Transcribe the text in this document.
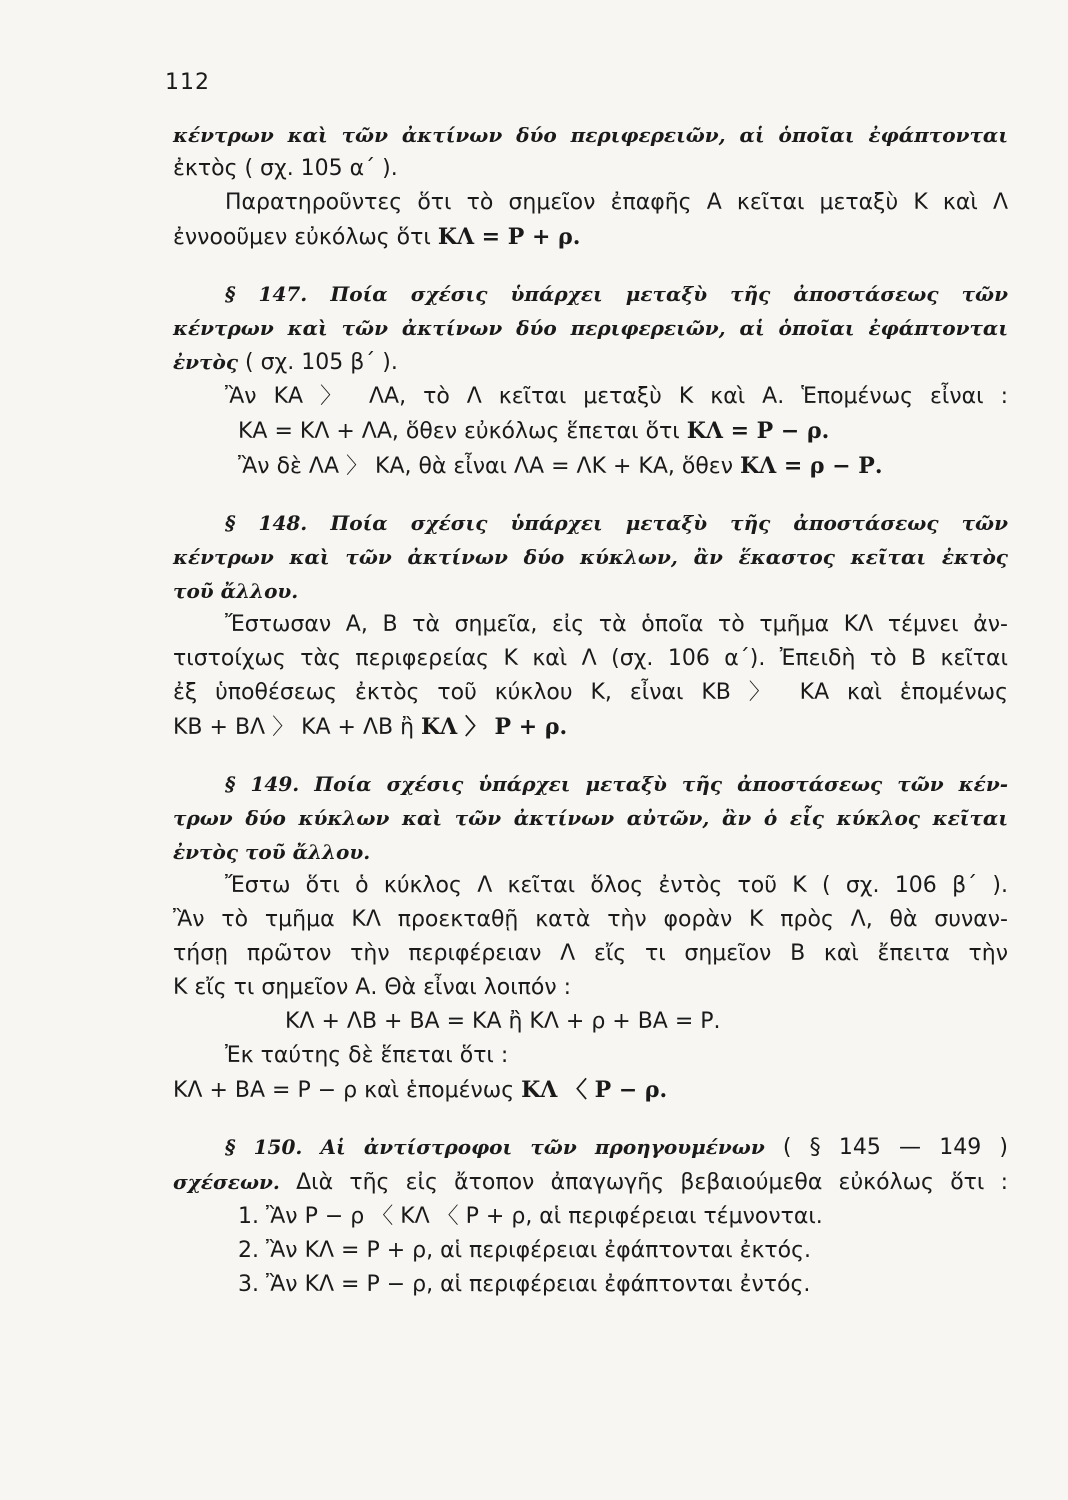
112
κέντρων καὶ τῶν ἀκτίνων δύο περιφερειῶν, αἱ ὁποῖαι ἐφάπτονται
ἐκτὸς ( σχ. 105 α΄ ).
Παρατηροῦντες ὅτι τὸ σημεῖον ἐπαφῆς Α κεῖται μεταξὺ Κ καὶ Λ
ἐννοοῦμεν εὐκόλως ὅτι ΚΛ = Ρ + ρ.
§ 147. Ποία σχέσις ὑπάρχει μεταξὺ τῆς ἀποστάσεως τῶν
κέντρων καὶ τῶν ἀκτίνων δύο περιφερειῶν, αἱ ὁποῖαι ἐφάπτονται
ἐντὸς ( σχ. 105 β΄ ).
Ἂν ΚΑ 〉 ΛΑ, τὸ Λ κεῖται μεταξὺ Κ καὶ Α. Ἑπομένως εἶναι :
ΚΑ = ΚΛ + ΛΑ, ὅθεν εὐκόλως ἕπεται ὅτι ΚΛ = Ρ − ρ.
Ἂν δὲ ΛΑ 〉 ΚΑ, θὰ εἶναι ΛΑ = ΛΚ + ΚΑ, ὅθεν ΚΛ = ρ − Ρ.
§ 148. Ποία σχέσις ὑπάρχει μεταξὺ τῆς ἀποστάσεως τῶν
κέντρων καὶ τῶν ἀκτίνων δύο κύκλων, ἂν ἕκαστος κεῖται ἐκτὸς
τοῦ ἄλλου.
Ἔστωσαν Α, Β τὰ σημεῖα, εἰς τὰ ὁποῖα τὸ τμῆμα ΚΛ τέμνει ἀν-
τιστοίχως τὰς περιφερείας Κ καὶ Λ (σχ. 106 α΄). Ἐπειδὴ τὸ Β κεῖται
ἐξ ὑποθέσεως ἐκτὸς τοῦ κύκλου Κ, εἶναι ΚΒ 〉 ΚΑ καὶ ἑπομένως
ΚΒ + ΒΛ 〉 ΚΑ + ΛΒ ἢ ΚΛ 〉 Ρ + ρ.
§ 149. Ποία σχέσις ὑπάρχει μεταξὺ τῆς ἀποστάσεως τῶν κέν-
τρων δύο κύκλων καὶ τῶν ἀκτίνων αὐτῶν, ἂν ὁ εἷς κύκλος κεῖται
ἐντὸς τοῦ ἄλλου.
Ἔστω ὅτι ὁ κύκλος Λ κεῖται ὅλος ἐντὸς τοῦ Κ ( σχ. 106 β΄ ).
Ἂν τὸ τμῆμα ΚΛ προεκταθῇ κατὰ τὴν φορὰν Κ πρὸς Λ, θὰ συναν-
τήσῃ πρῶτον τὴν περιφέρειαν Λ εἴς τι σημεῖον Β καὶ ἔπειτα τὴν
Κ εἴς τι σημεῖον Α. Θὰ εἶναι λοιπόν :
ΚΛ + ΛΒ + ΒΑ = ΚΑ ἢ ΚΛ + ρ + ΒΑ = Ρ.
Ἐκ ταύτης δὲ ἕπεται ὅτι :
ΚΛ + ΒΑ = Ρ − ρ καὶ ἑπομένως ΚΛ 〈 Ρ − ρ.
§ 150. Αἱ ἀντίστροφοι τῶν προηγουμένων ( § 145 — 149 )
σχέσεων. Διὰ τῆς εἰς ἄτοπον ἀπαγωγῆς βεβαιούμεθα εὐκόλως ὅτι :
1. Ἂν Ρ − ρ 〈 ΚΛ 〈 Ρ + ρ, αἱ περιφέρειαι τέμνονται.
2. Ἂν ΚΛ = Ρ + ρ, αἱ περιφέρειαι ἐφάπτονται ἐκτός.
3. Ἂν ΚΛ = Ρ − ρ, αἱ περιφέρειαι ἐφάπτονται ἐντός.
